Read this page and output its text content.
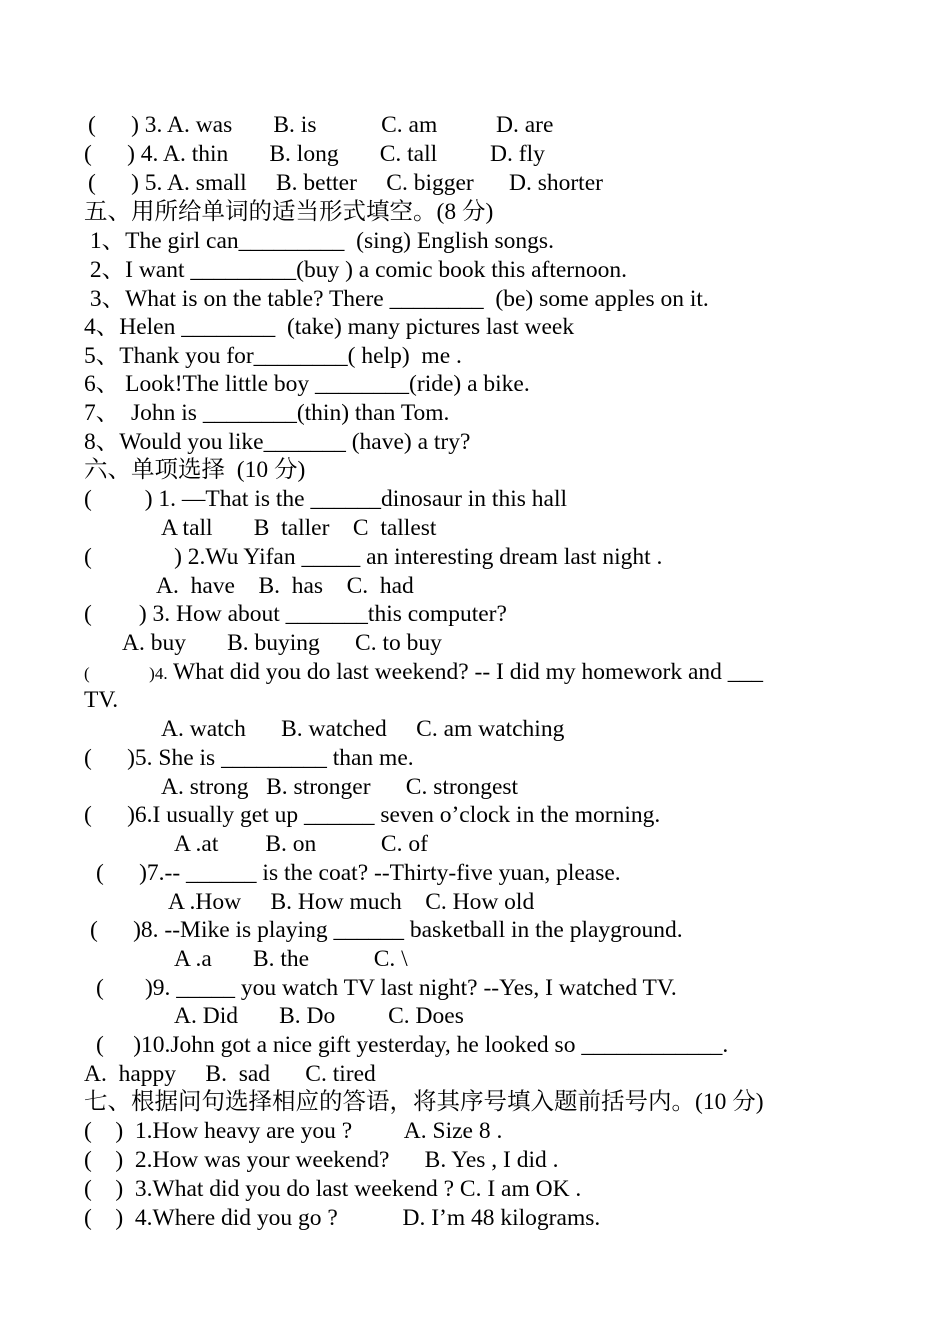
(      ) 3. A. was       B. is           C. am          D. are
(      ) 4. A. thin       B. long       C. tall         D. fly
(      ) 5. A. small     B. better     C. bigger      D. shorter
五、用所给单词的适当形式填空。(8 分)
1、The girl can_________  (sing) English songs.
2、I want _________(buy ) a comic book this afternoon.
3、What is on the table? There ________  (be) some apples on it.
4、Helen ________  (take) many pictures last week
5、Thank you for________( help)  me .
6、 Look!The little boy ________(ride) a bike.
7、  John is ________(thin) than Tom.
8、Would you like_______ (have) a try?
六、单项选择  (10 分)
(         ) 1. —That is the ______dinosaur in this hall
A tall       B  taller    C  tallest
(              ) 2.Wu Yifan _____ an interesting dream last night .
A.  have    B.  has    C.  had
(        ) 3. How about _______this computer?
A. buy       B. buying      C. to buy
(              )4. What did you do last weekend? -- I did my homework and ___
TV.
A. watch      B. watched     C. am watching
(      )5. She is _________ than me.
A. strong   B. stronger      C. strongest
(      )6.I usually get up ______ seven o’clock in the morning.
A .at        B. on           C. of
(      )7.-- ______ is the coat? --Thirty-five yuan, please.
A .How     B. How much    C. How old
(      )8. --Mike is playing ______ basketball in the playground.
A .a       B. the           C. \
(       )9. _____ you watch TV last night? --Yes, I watched TV.
A. Did       B. Do         C. Does
(     )10.John got a nice gift yesterday, he looked so ____________.
A.  happy     B.  sad      C. tired
七、根据问句选择相应的答语，将其序号填入题前括号内。(10 分)
(    )  1.How heavy are you ?         A. Size 8 .
(    )  2.How was your weekend?      B. Yes , I did .
(    )  3.What did you do last weekend ? C. I am OK .
(    )  4.Where did you go ?           D. I’m 48 kilograms.
